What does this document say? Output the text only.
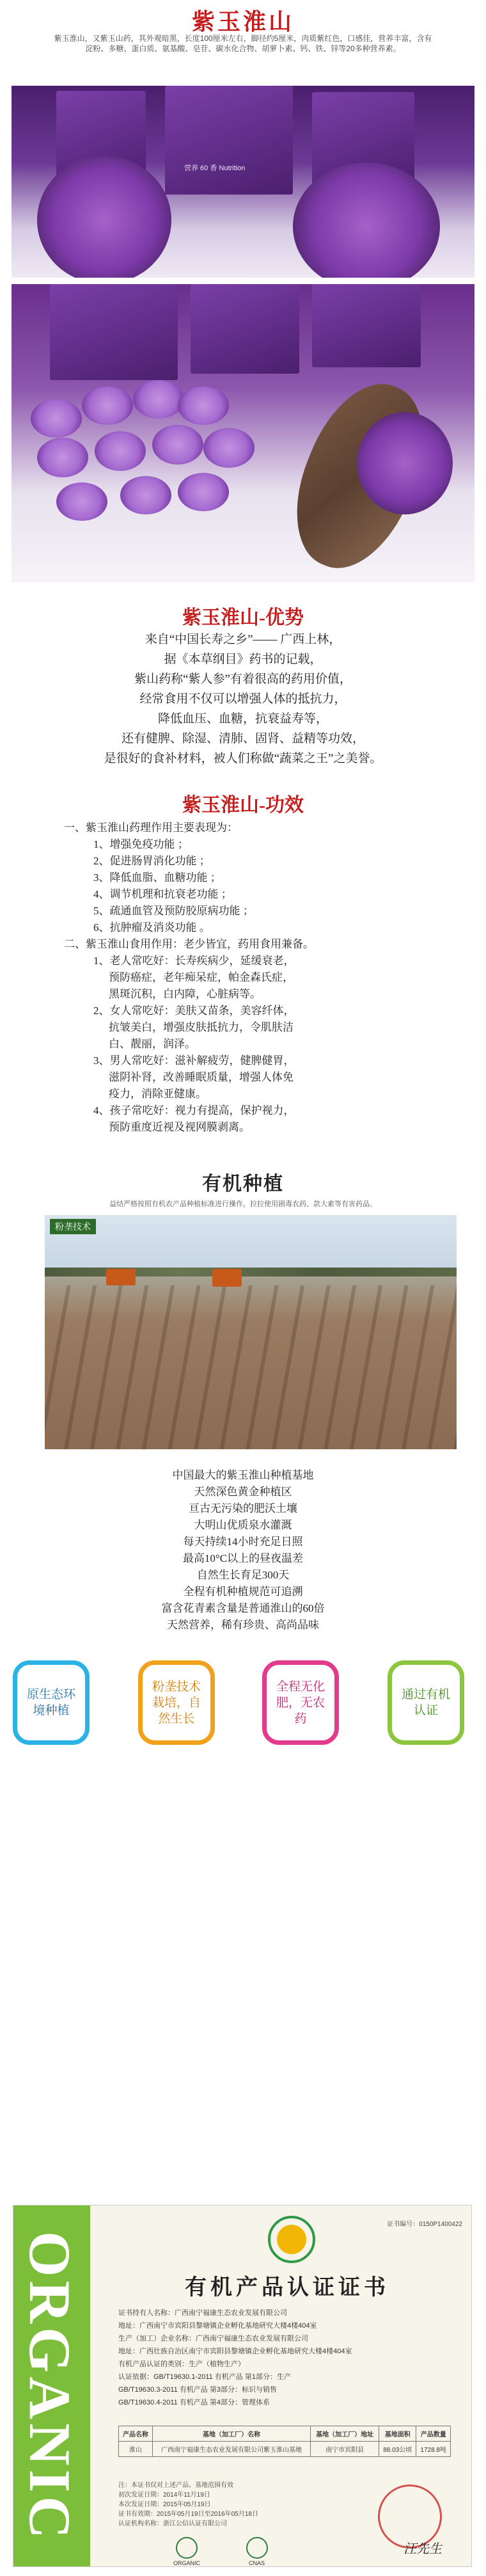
紫玉淮山
紫玉淮山，又紫玉山药，其外观暗黑，长度100厘米左右，脚径约5厘米，肉质紫红色，口感佳，营养丰富，含有淀粉、多糖、蛋白质、氨基酸、皂苷、碳水化合物、胡萝卜素、钙、铁、锌等20多种营养素。
营养 60 香 Nutrition
紫玉淮山-优势
来自“中国长寿之乡”—— 广西上林，
据《本草纲目》药书的记载，
紫山药称“紫人参”有着很高的药用价值，
经常食用不仅可以增强人体的抵抗力，
降低血压、血糖，抗衰益寿等，
还有健脾、除湿、清肺、固肾、益精等功效，
是很好的食补材料，被人们称做“蔬菜之王”之美誉。
紫玉淮山-功效
一、紫玉淮山药理作用主要表现为：
1、增强免疫功能 ；
2、促进肠胃消化功能 ；
3、降低血脂、血糖功能 ；
4、调节机理和抗衰老功能 ；
5、疏通血管及预防胶原病功能 ；
6、抗肿瘤及消炎功能 。
二、紫玉淮山食用作用：老少皆宜，药用食用兼备。
1、老人常吃好：长寿疾病少，延缓衰老，
预防癌症，老年痴呆症，帕金森氏症，
黑斑沉积，白内障，心脏病等。
2、女人常吃好：美肤又苗条，美容纤体，
抗皱美白，增强皮肤抵抗力，令肌肤洁
白、靓丽，润泽。
3、男人常吃好：滋补解疲劳，健脾健胃，
滋阴补肾，改善睡眠质量，增强人体免
疫力，消除亚健康。
4、孩子常吃好：视力有提高，保护视力，
预防重度近视及视网膜剥离。
有机种植
益结严格按照有机农产品种植标准进行操作，拉拉使用剧毒农药、款大素等有害药品。
粉垄技术
中国最大的紫玉淮山种植基地
天然深色黄金种植区
亘古无污染的肥沃土壤
大明山优质泉水灌溉
每天持续14小时充足日照
最高10°C以上的昼夜温差
自然生长育足300天
全程有机种植规范可追溯
富含花青素含量是普通淮山的60倍
天然营养，稀有珍贵、高尚品味
原生态环境种植
粉垄技术栽培，自然生长
全程无化肥，无农药
通过有机认证
ORGANIC
证书编号：0150P1400422
有机产品认证证书
证书持有人名称：广西南宁福康生态农业发展有限公司
地址：广西南宁市宾阳县黎塘镇企业孵化基地研究大楼4楼404室
生产（加工）企业名称：广西南宁福康生态农业发展有限公司
地址：广西壮族自治区南宁市宾阳县黎塘镇企业孵化基地研究大楼4楼404室
有机产品认证的类别：生产（植物生产）
认证依据：GB/T19630.1-2011 有机产品 第1部分：生产
GB/T19630.3-2011 有机产品 第3部分：标识与销售
GB/T19630.4-2011 有机产品 第4部分：管理体系
产品名称	基地（加工厂）名称	基地（加工厂）地址	基地面积	产品数量
淮山	广西南宁福康生态农业发展有限公司紫玉淮山基地	南宁市宾阳县	88.03公顷	1728.8吨
注：本证书仅对上述产品、基地范围有效
初次发证日期：2014年11月19日
本次发证日期：2015年05月19日
证书有效期：2015年05月19日至2016年05月18日
认证机构名称：浙江公信认证有限公司
汪先生
ORGANIC	CNAS
